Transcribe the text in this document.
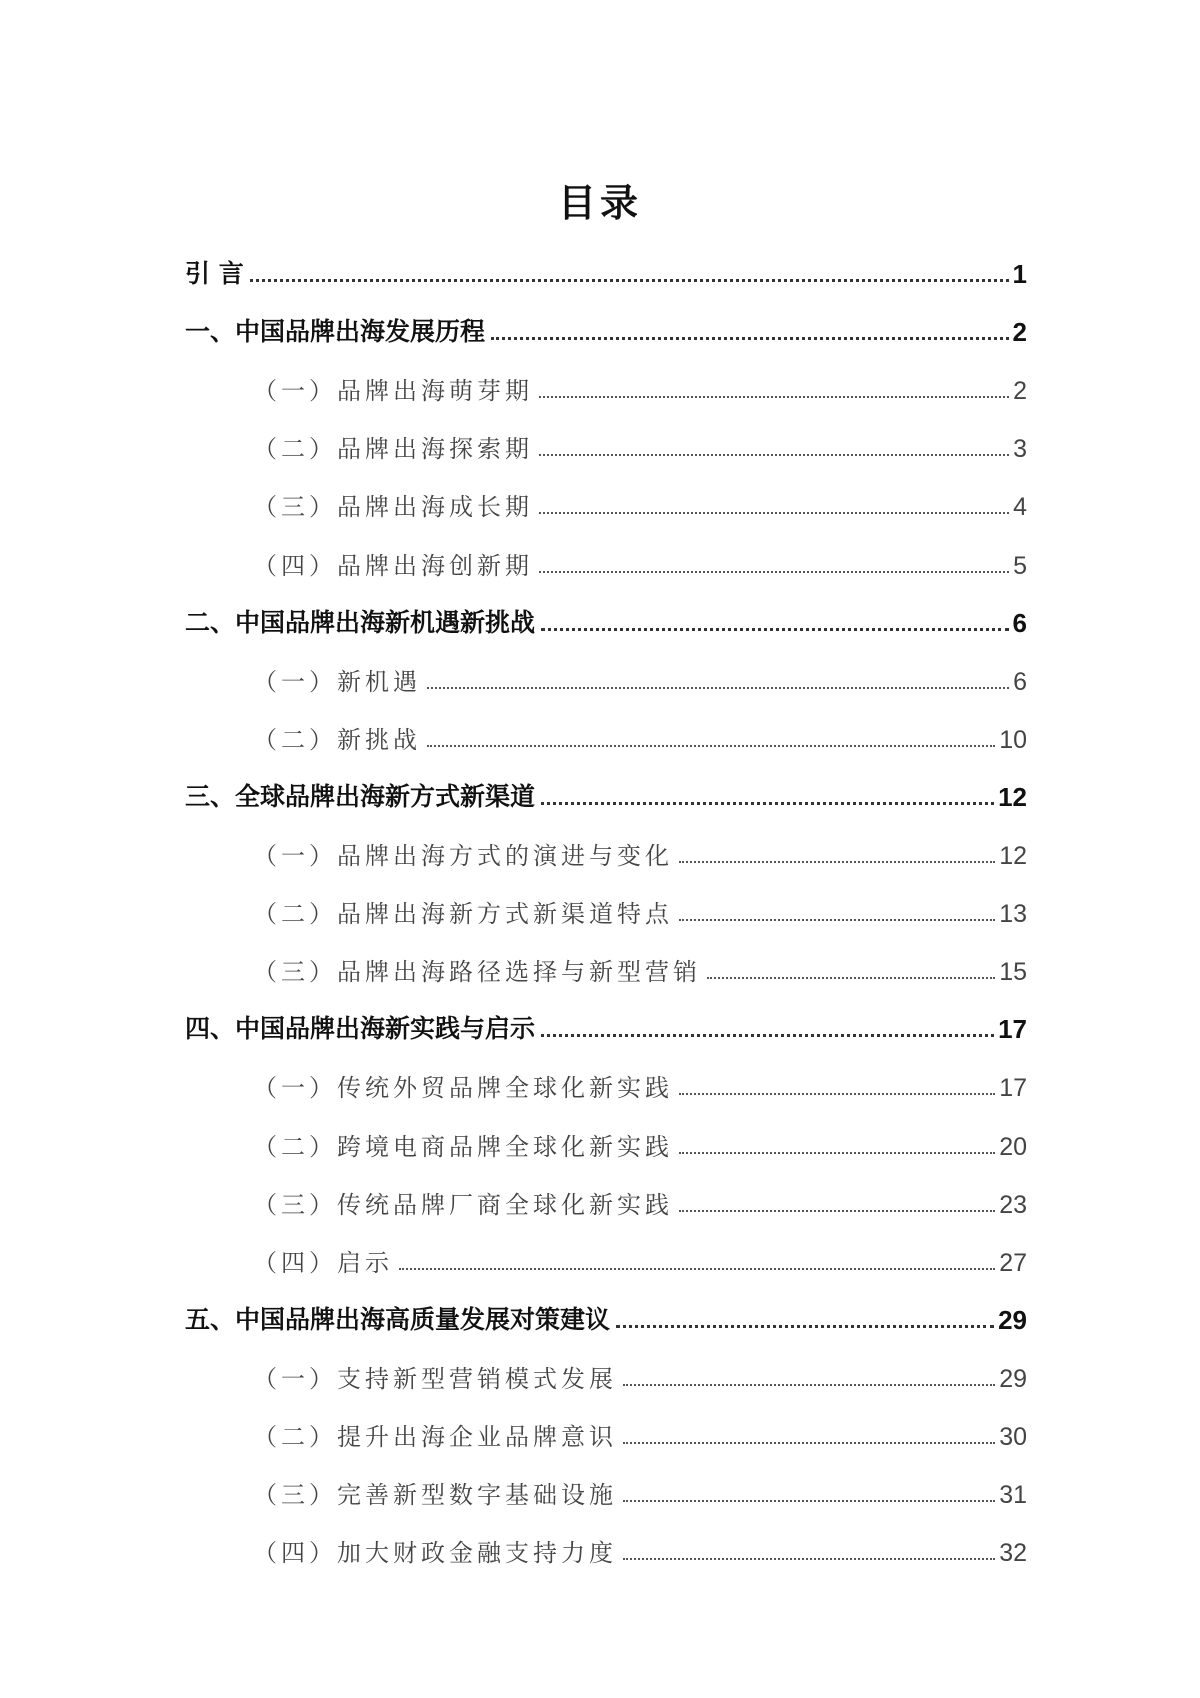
目录
引 言	1
一、中国品牌出海发展历程	2
（一）品牌出海萌芽期	2
（二）品牌出海探索期	3
（三）品牌出海成长期	4
（四）品牌出海创新期	5
二、中国品牌出海新机遇新挑战	6
（一）新机遇	6
（二）新挑战	10
三、全球品牌出海新方式新渠道	12
（一）品牌出海方式的演进与变化	12
（二）品牌出海新方式新渠道特点	13
（三）品牌出海路径选择与新型营销	15
四、中国品牌出海新实践与启示	17
（一）传统外贸品牌全球化新实践	17
（二）跨境电商品牌全球化新实践	20
（三）传统品牌厂商全球化新实践	23
（四）启示	27
五、中国品牌出海高质量发展对策建议	29
（一）支持新型营销模式发展	29
（二）提升出海企业品牌意识	30
（三）完善新型数字基础设施	31
（四）加大财政金融支持力度	32
